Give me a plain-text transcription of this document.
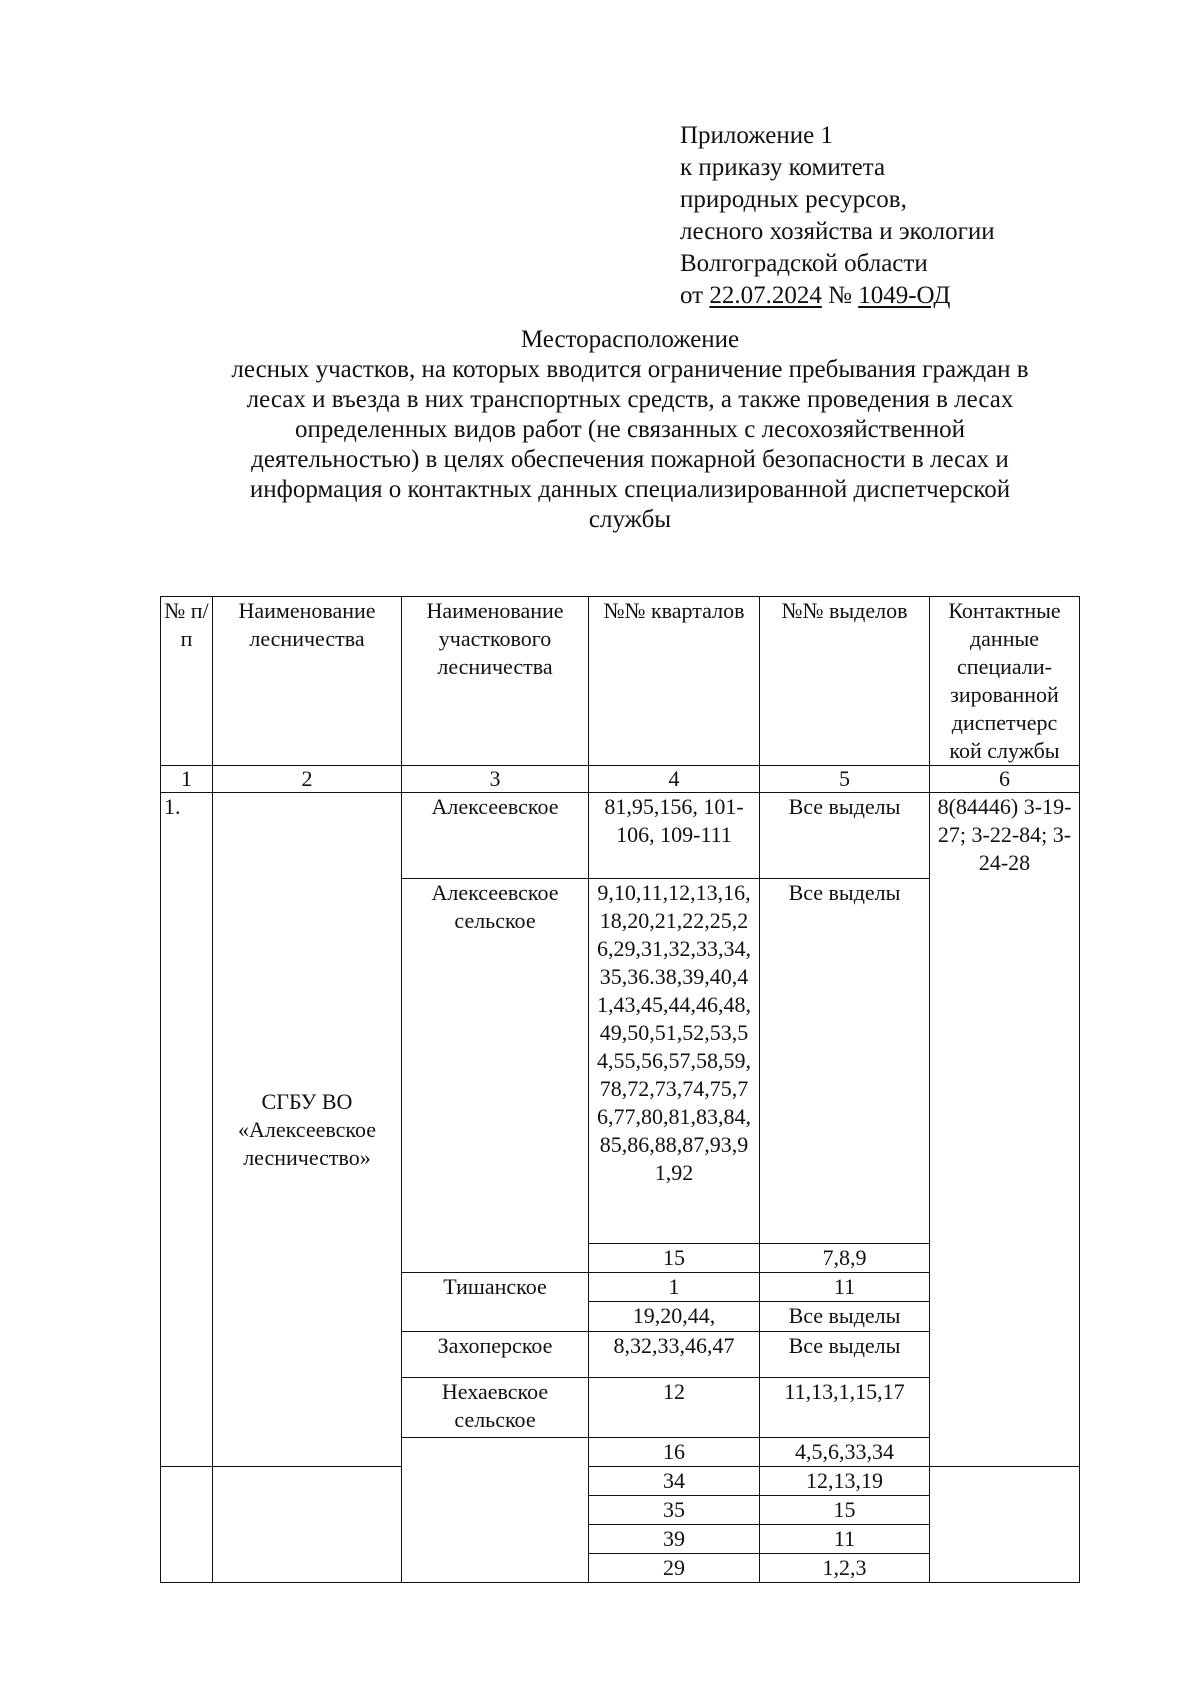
Приложение 1
к приказу комитета
природных ресурсов,
лесного хозяйства и экологии
Волгоградской области
от 22.07.2024 № 1049-ОД
Месторасположение
лесных участков, на которых вводится ограничение пребывания граждан в
лесах и въезда в них транспортных средств, а также проведения в лесах
определенных видов работ (не связанных с лесохозяйственной
деятельностью) в целях обеспечения пожарной безопасности в лесах и
информация о контактных данных специализированной диспетчерской
службы
№ п/п	Наименование лесничества	Наименование участкового лесничества	№№ кварталов	№№ выделов	Контактные данные специали-зированной диспетчерс кой службы
1	2	3	4	5	6
1.	СГБУ ВО «Алексеевское лесничество»	Алексеевское	81,95,156, 101-106, 109-111	Все выделы	8(84446) 3-19-27; 3-22-84; 3-24-28
		Алексеевское сельское	9,10,11,12,13,16,18,20,21,22,25,26,29,31,32,33,34,35,36.38,39,40,41,43,45,44,46,48,49,50,51,52,53,54,55,56,57,58,59,78,72,73,74,75,76,77,80,81,83,84,85,86,88,87,93,91,92	Все выделы	
			15	7,8,9	
		Тишанское	1	11	
			19,20,44,	Все выделы	
		Захоперское	8,32,33,46,47	Все выделы	
		Нехаевское сельское	12	11,13,1,15,17	
			16	4,5,6,33,34	
			34	12,13,19	
			35	15	
			39	11	
			29	1,2,3	
